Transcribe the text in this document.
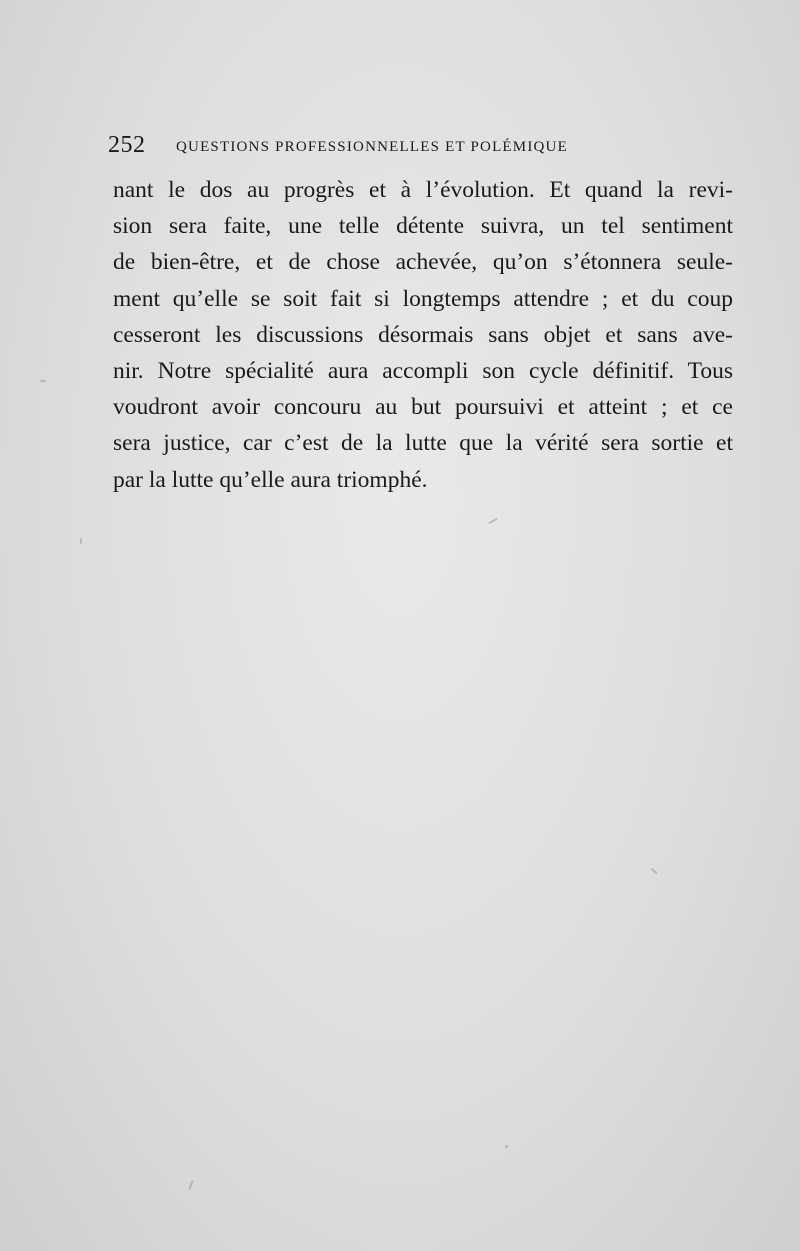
252 QUESTIONS PROFESSIONNELLES ET POLÉMIQUE
nant le dos au progrès et à l’évolution. Et quand la revi-
sion sera faite, une telle détente suivra, un tel sentiment
de bien-être, et de chose achevée, qu’on s’étonnera seule-
ment qu’elle se soit fait si longtemps attendre ; et du coup
cesseront les discussions désormais sans objet et sans ave-
nir. Notre spécialité aura accompli son cycle définitif. Tous
voudront avoir concouru au but poursuivi et atteint ; et ce
sera justice, car c’est de la lutte que la vérité sera sortie et
par la lutte qu’elle aura triomphé.
